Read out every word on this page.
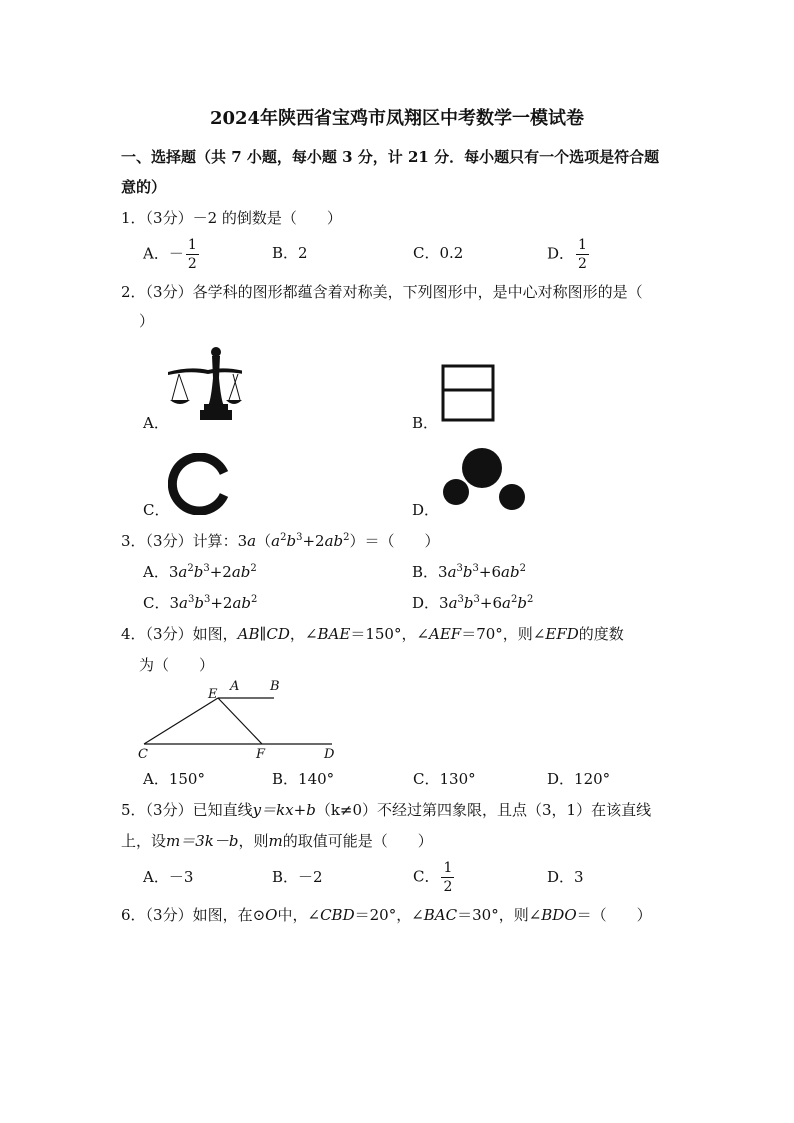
2024年陕西省宝鸡市凤翔区中考数学一模试卷
一、选择题（共 7 小题，每小题 3 分，计 21 分．每小题只有一个选项是符合题
意的）
1．（3分）－2 的倒数是（　　）
A．－ $\frac{1}{2}$	B．2	C．0.2	D． $\frac{1}{2}$
2．（3分）各学科的图形都蕴含着对称美，下列图形中，是中心对称图形的是（
）
A．	B．
C．	D．
3．（3分）计算：$3a(a^2b^3+2ab^2)=$（　　）
A．$3a^2b^3+2ab^2$	B．$3a^3b^3+6ab^2$
C．$3a^3b^3+2ab^2$	D．$3a^3b^3+6a^2b^2$
4．（3分）如图，AB∥CD，∠BAE＝150°，∠AEF＝70°，则∠EFD的度数
为（　　）
E
A B
C	F	D
A．150°	B．140°	C．130°	D．120°
5．（3分）已知直线y＝kx+b（k≠0）不经过第四象限，且点（3，1）在该直线
上，设m＝3k－b，则m的取值可能是（　　）
A．－3	B．－2	C． $\frac{1}{2}$	D．3
6．（3分）如图，在⊙O中，∠CBD＝20°，∠BAC＝30°，则∠BDO＝（　　）
